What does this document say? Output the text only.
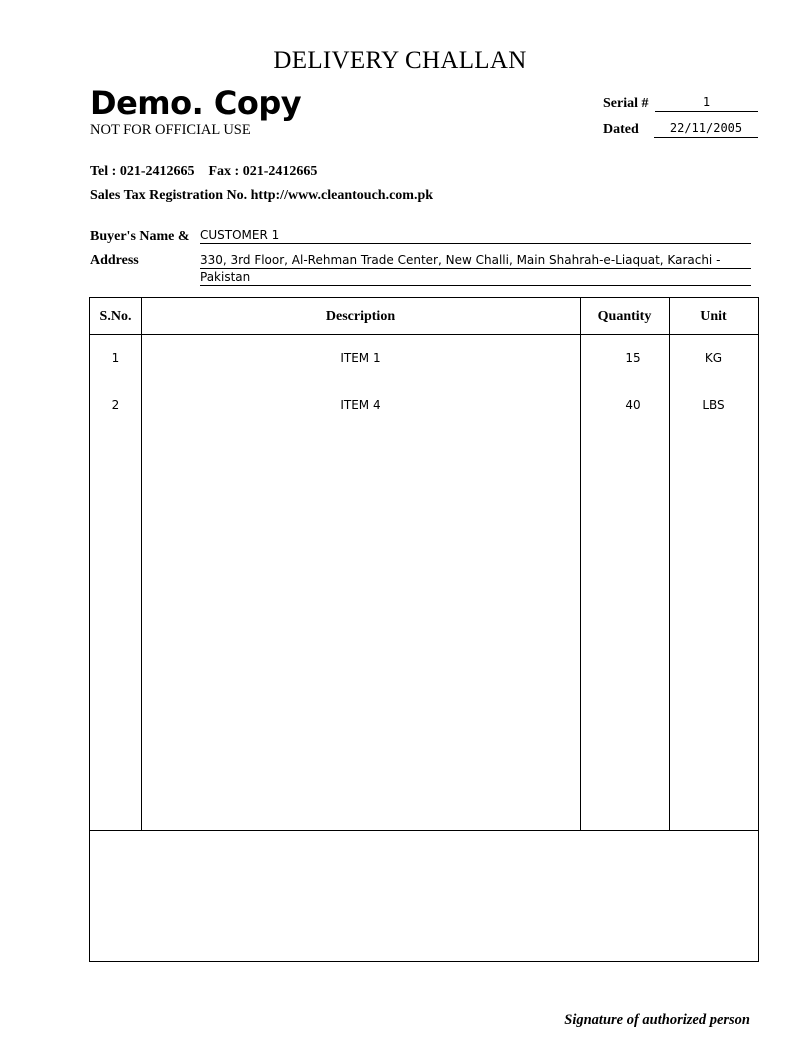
DELIVERY CHALLAN
Demo. Copy
NOT FOR OFFICIAL USE
Serial #	1
Dated	22/11/2005
Tel : 021-2412665    Fax : 021-2412665
Sales Tax Registration No. http://www.cleantouch.com.pk
Buyer's Name & CUSTOMER 1
Address	330, 3rd Floor, Al-Rehman Trade Center, New Challi, Main Shahrah-e-Liaquat, Karachi -
Pakistan
S.No.	Description	Quantity	Unit
1	ITEM 1	15	KG
2	ITEM 4	40	LBS
Signature of authorized person
